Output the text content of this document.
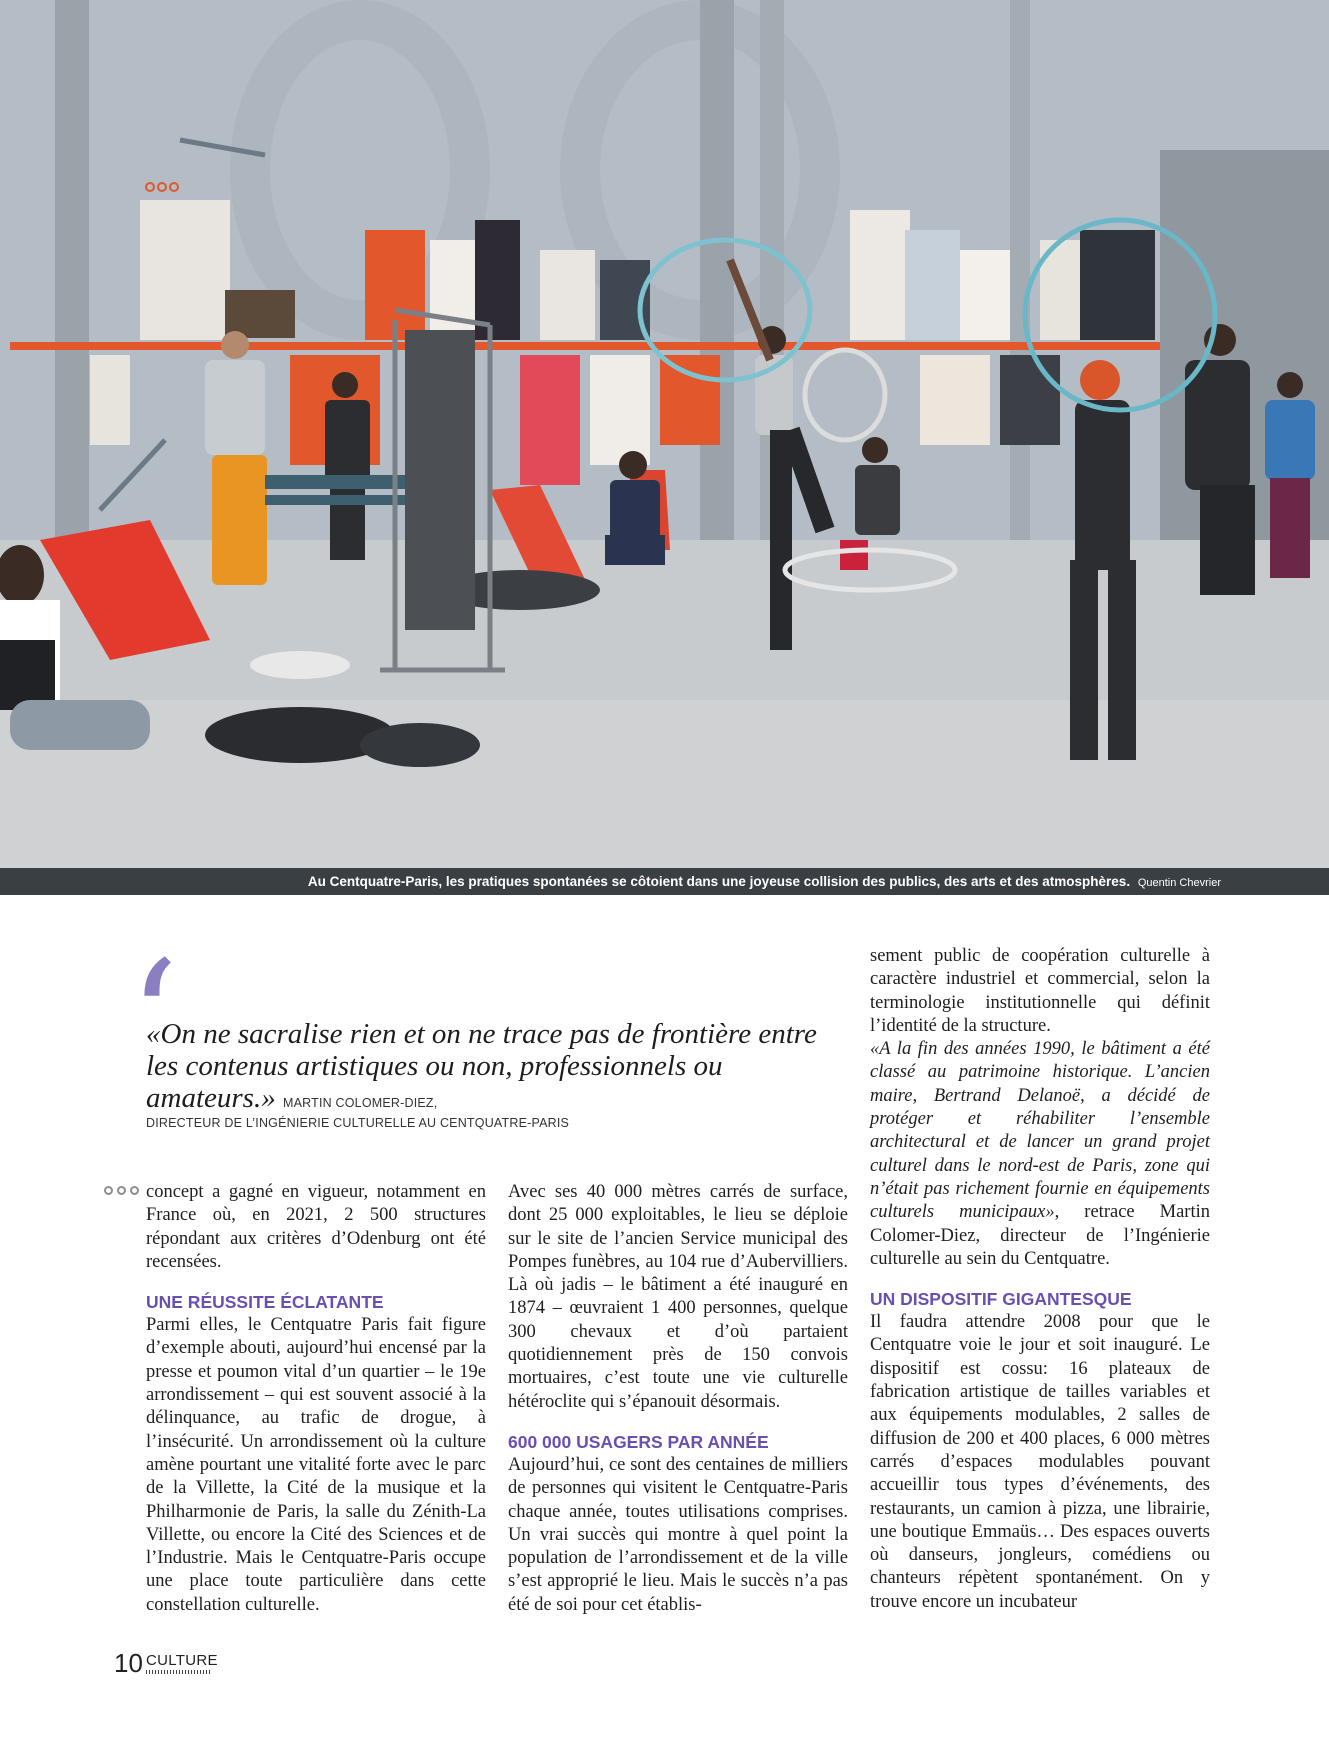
Au Centquatre-Paris, les pratiques spontanées se côtoient dans une joyeuse collision des publics, des arts et des atmosphères. Quentin Chevrier
‘
«On ne sacralise rien et on ne trace pas de frontière entre les contenus artistiques ou non, professionnels ou amateurs.» MARTIN COLOMER-DIEZ,
DIRECTEUR DE L’INGÉNIERIE CULTURELLE AU CENTQUATRE-PARIS

concept a gagné en vigueur, notamment en France où, en 2021, 2 500 structures répondant aux critères d’Odenburg ont été recensées.

UNE RÉUSSITE ÉCLATANTE

Parmi elles, le Centquatre Paris fait figure d’exemple abouti, aujourd’hui encensé par la presse et poumon vital d’un quartier – le 19e arrondissement – qui est souvent associé à la délinquance, au trafic de drogue, à l’insécurité. Un arrondissement où la culture amène pourtant une vitalité forte avec le parc de la Villette, la Cité de la musique et la Philharmonie de Paris, la salle du Zénith-La Villette, ou encore la Cité des Sciences et de l’Industrie. Mais le Centquatre-Paris occupe une place toute particulière dans cette constellation culturelle.

Avec ses 40 000 mètres carrés de surface, dont 25 000 exploitables, le lieu se déploie sur le site de l’ancien Service municipal des Pompes funèbres, au 104 rue d’Aubervilliers. Là où jadis – le bâtiment a été inauguré en 1874 – œuvraient 1 400 personnes, quelque 300 chevaux et d’où partaient quotidiennement près de 150 convois mortuaires, c’est toute une vie culturelle hétéroclite qui s’épanouit désormais.

600 000 USAGERS PAR ANNÉE

Aujourd’hui, ce sont des centaines de milliers de personnes qui visitent le Centquatre-Paris chaque année, toutes utilisations comprises. Un vrai succès qui montre à quel point la population de l’arrondissement et de la ville s’est approprié le lieu. Mais le succès n’a pas été de soi pour cet établis-

sement public de coopération culturelle à caractère industriel et commercial, selon la terminologie institutionnelle qui définit l’identité de la structure.

«A la fin des années 1990, le bâtiment a été classé au patrimoine historique. L’ancien maire, Bertrand Delanoë, a décidé de protéger et réhabiliter l’ensemble architectural et de lancer un grand projet culturel dans le nord-est de Paris, zone qui n’était pas richement fournie en équipements culturels municipaux», retrace Martin Colomer-Diez, directeur de l’Ingénierie culturelle au sein du Centquatre.

UN DISPOSITIF GIGANTESQUE

Il faudra attendre 2008 pour que le Centquatre voie le jour et soit inauguré. Le dispositif est cossu: 16 plateaux de fabrication artistique de tailles variables et aux équipements modulables, 2 salles de diffusion de 200 et 400 places, 6 000 mètres carrés d’espaces modulables pouvant accueillir tous types d’événements, des restaurants, un camion à pizza, une librairie, une boutique Emmaüs… Des espaces ouverts où danseurs, jongleurs, comédiens ou chanteurs répètent spontanément. On y trouve encore un incubateur

10 CULTURE
